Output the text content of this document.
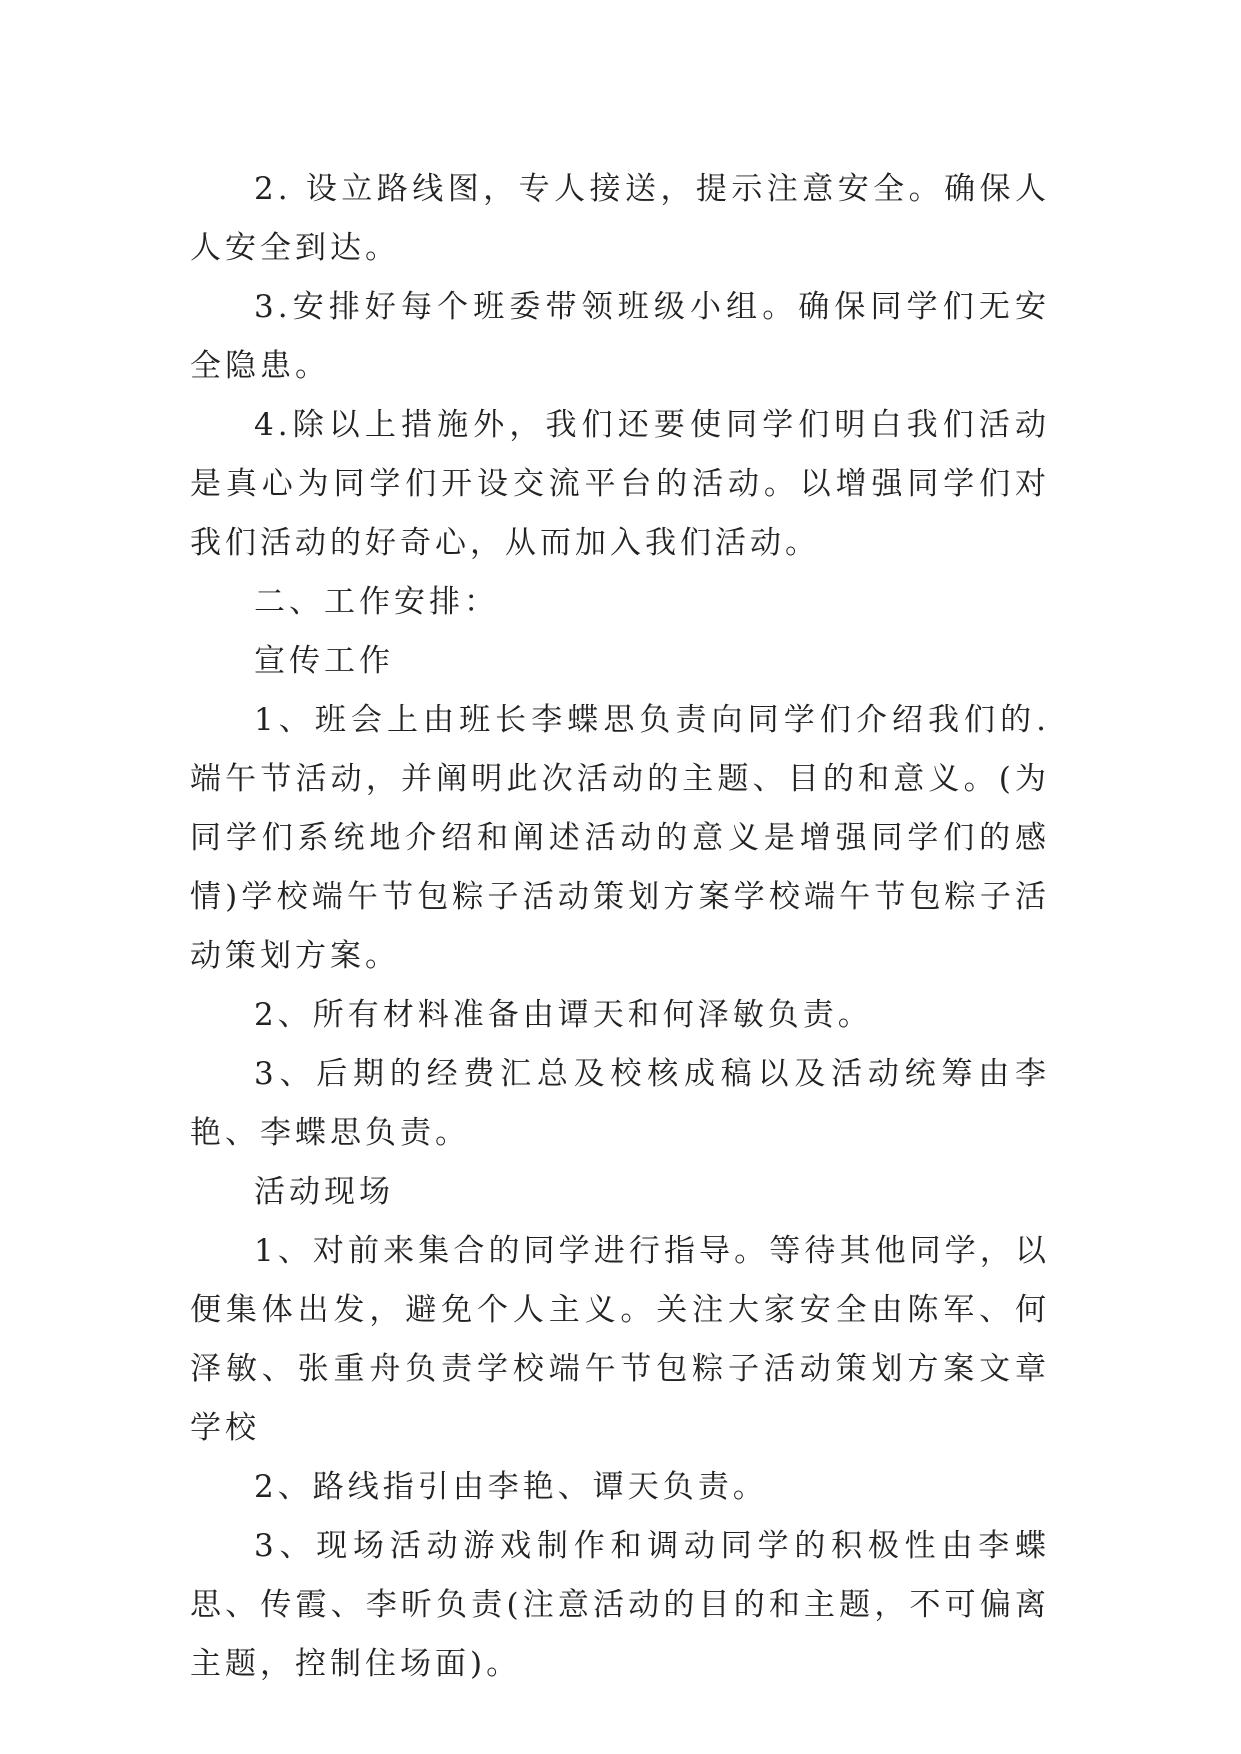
2. 设立路线图，专人接送，提示注意安全。确保人人安全到达。

3.安排好每个班委带领班级小组。确保同学们无安全隐患。

4.除以上措施外，我们还要使同学们明白我们活动是真心为同学们开设交流平台的活动。以增强同学们对我们活动的好奇心，从而加入我们活动。

二、工作安排：

宣传工作

1、班会上由班长李蝶思负责向同学们介绍我们的.端午节活动，并阐明此次活动的主题、目的和意义。(为同学们系统地介绍和阐述活动的意义是增强同学们的感情)学校端午节包粽子活动策划方案学校端午节包粽子活动策划方案。

2、所有材料准备由谭天和何泽敏负责。

3、后期的经费汇总及校核成稿以及活动统筹由李艳、李蝶思负责。

活动现场

1、对前来集合的同学进行指导。等待其他同学，以便集体出发，避免个人主义。关注大家安全由陈军、何泽敏、张重舟负责学校端午节包粽子活动策划方案文章学校

2、路线指引由李艳、谭天负责。

3、现场活动游戏制作和调动同学的积极性由李蝶思、传霞、李昕负责(注意活动的目的和主题，不可偏离主题，控制住场面)。
